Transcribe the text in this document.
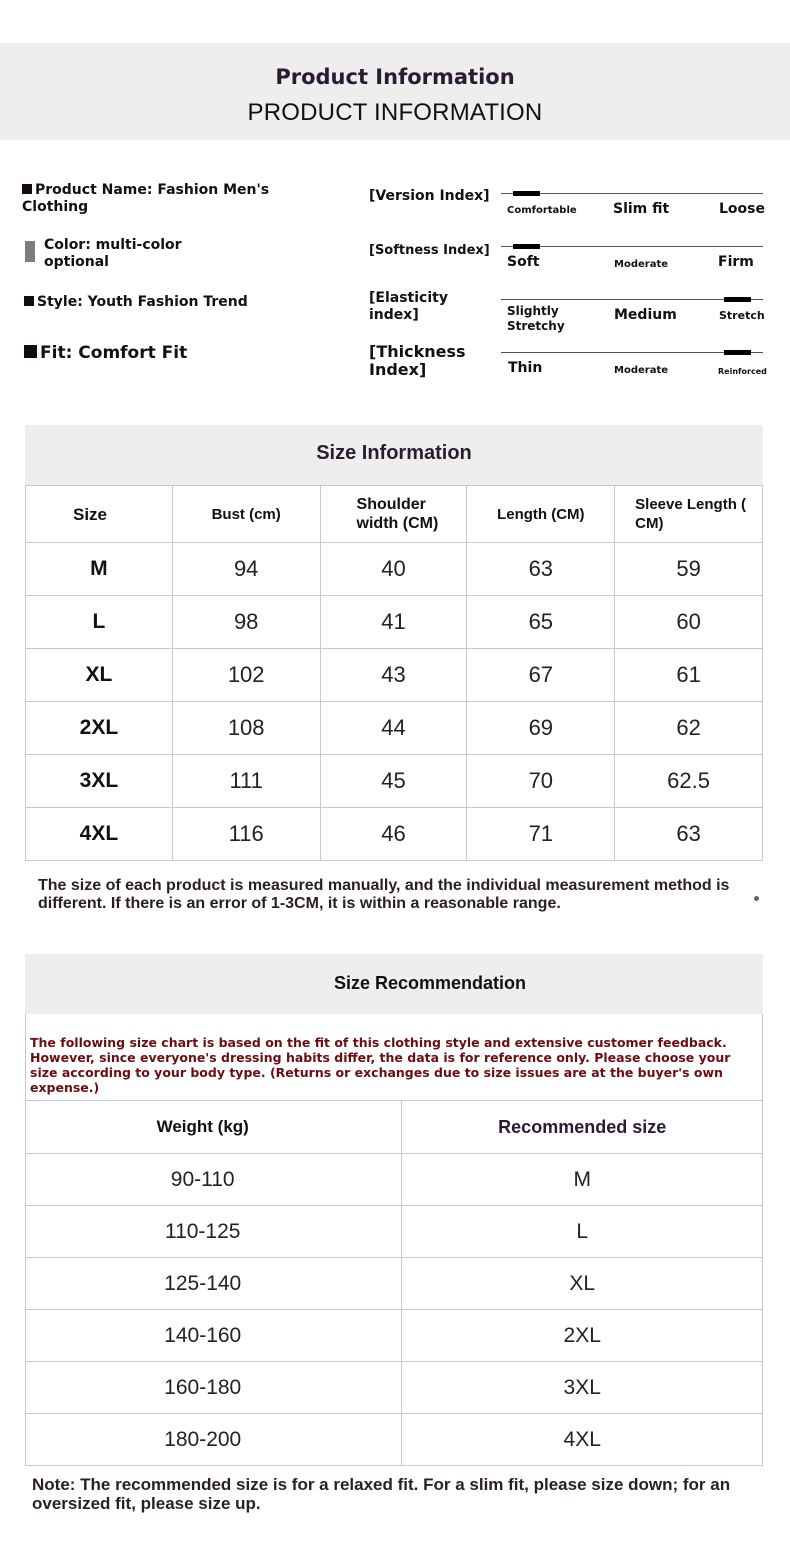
Product Information
PRODUCT INFORMATION
Product Name: Fashion Men's Clothing
Color: multi-color optional
Style: Youth Fashion Trend
Fit: Comfort Fit
[Version Index]
Comfortable	Slim fit	Loose
[Softness Index]
Soft	Moderate	Firm
[Elasticity index]	Slightly Stretchy
Medium	Stretch
[Thickness Index]	Thin	Moderate	Reinforced
Size Information
Size	Bust (cm)	Shoulder width (CM)	Length (CM)	Sleeve Length ( CM)
M	94	40	63	59
L	98	41	65	60
XL	102	43	67	61
2XL	108	44	69	62
3XL	111	45	70	62.5
4XL	116	46	71	63
The size of each product is measured manually, and the individual measurement method is different. If there is an error of 1-3CM, it is within a reasonable range.
Size Recommendation
The following size chart is based on the fit of this clothing style and extensive customer feedback. However, since everyone's dressing habits differ, the data is for reference only. Please choose your size according to your body type. (Returns or exchanges due to size issues are at the buyer's own expense.)
Weight (kg)	Recommended size
90-110	M
110-125	L
125-140	XL
140-160	2XL
160-180	3XL
180-200	4XL
Note: The recommended size is for a relaxed fit. For a slim fit, please size down; for an oversized fit, please size up.
